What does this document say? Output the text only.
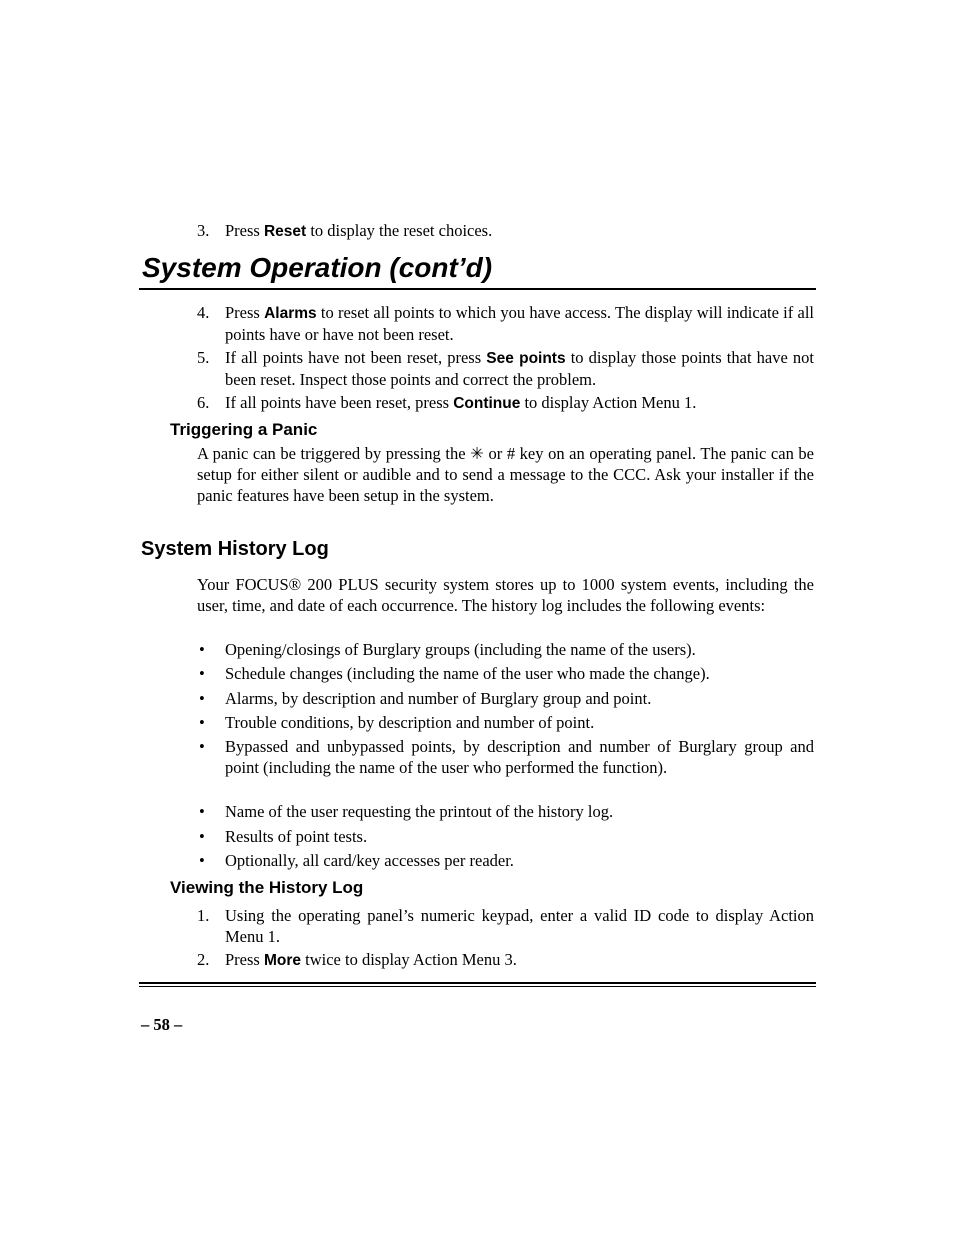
3. Press Reset to display the reset choices.
System Operation (cont’d)
4. Press Alarms to reset all points to which you have access. The display will indicate if all points have or have not been reset.
5. If all points have not been reset, press See points to display those points that have not been reset. Inspect those points and correct the problem.
6. If all points have been reset, press Continue to display Action Menu 1.
Triggering a Panic
A panic can be triggered by pressing the ✳ or # key on an operating panel. The panic can be setup for either silent or audible and to send a message to the CCC. Ask your installer if the panic features have been setup in the system.
System History Log
Your FOCUS® 200 PLUS security system stores up to 1000 system events, including the user, time, and date of each occurrence. The history log includes the following events:
• Opening/closings of Burglary groups (including the name of the users).
• Schedule changes (including the name of the user who made the change).
• Alarms, by description and number of Burglary group and point.
• Trouble conditions, by description and number of point.
• Bypassed and unbypassed points, by description and number of Burglary group and point (including the name of the user who performed the function).
• Name of the user requesting the printout of the history log.
• Results of point tests.
• Optionally, all card/key accesses per reader.
Viewing the History Log
1. Using the operating panel’s numeric keypad, enter a valid ID code to display Action Menu 1.
2. Press More twice to display Action Menu 3.
– 58 –
